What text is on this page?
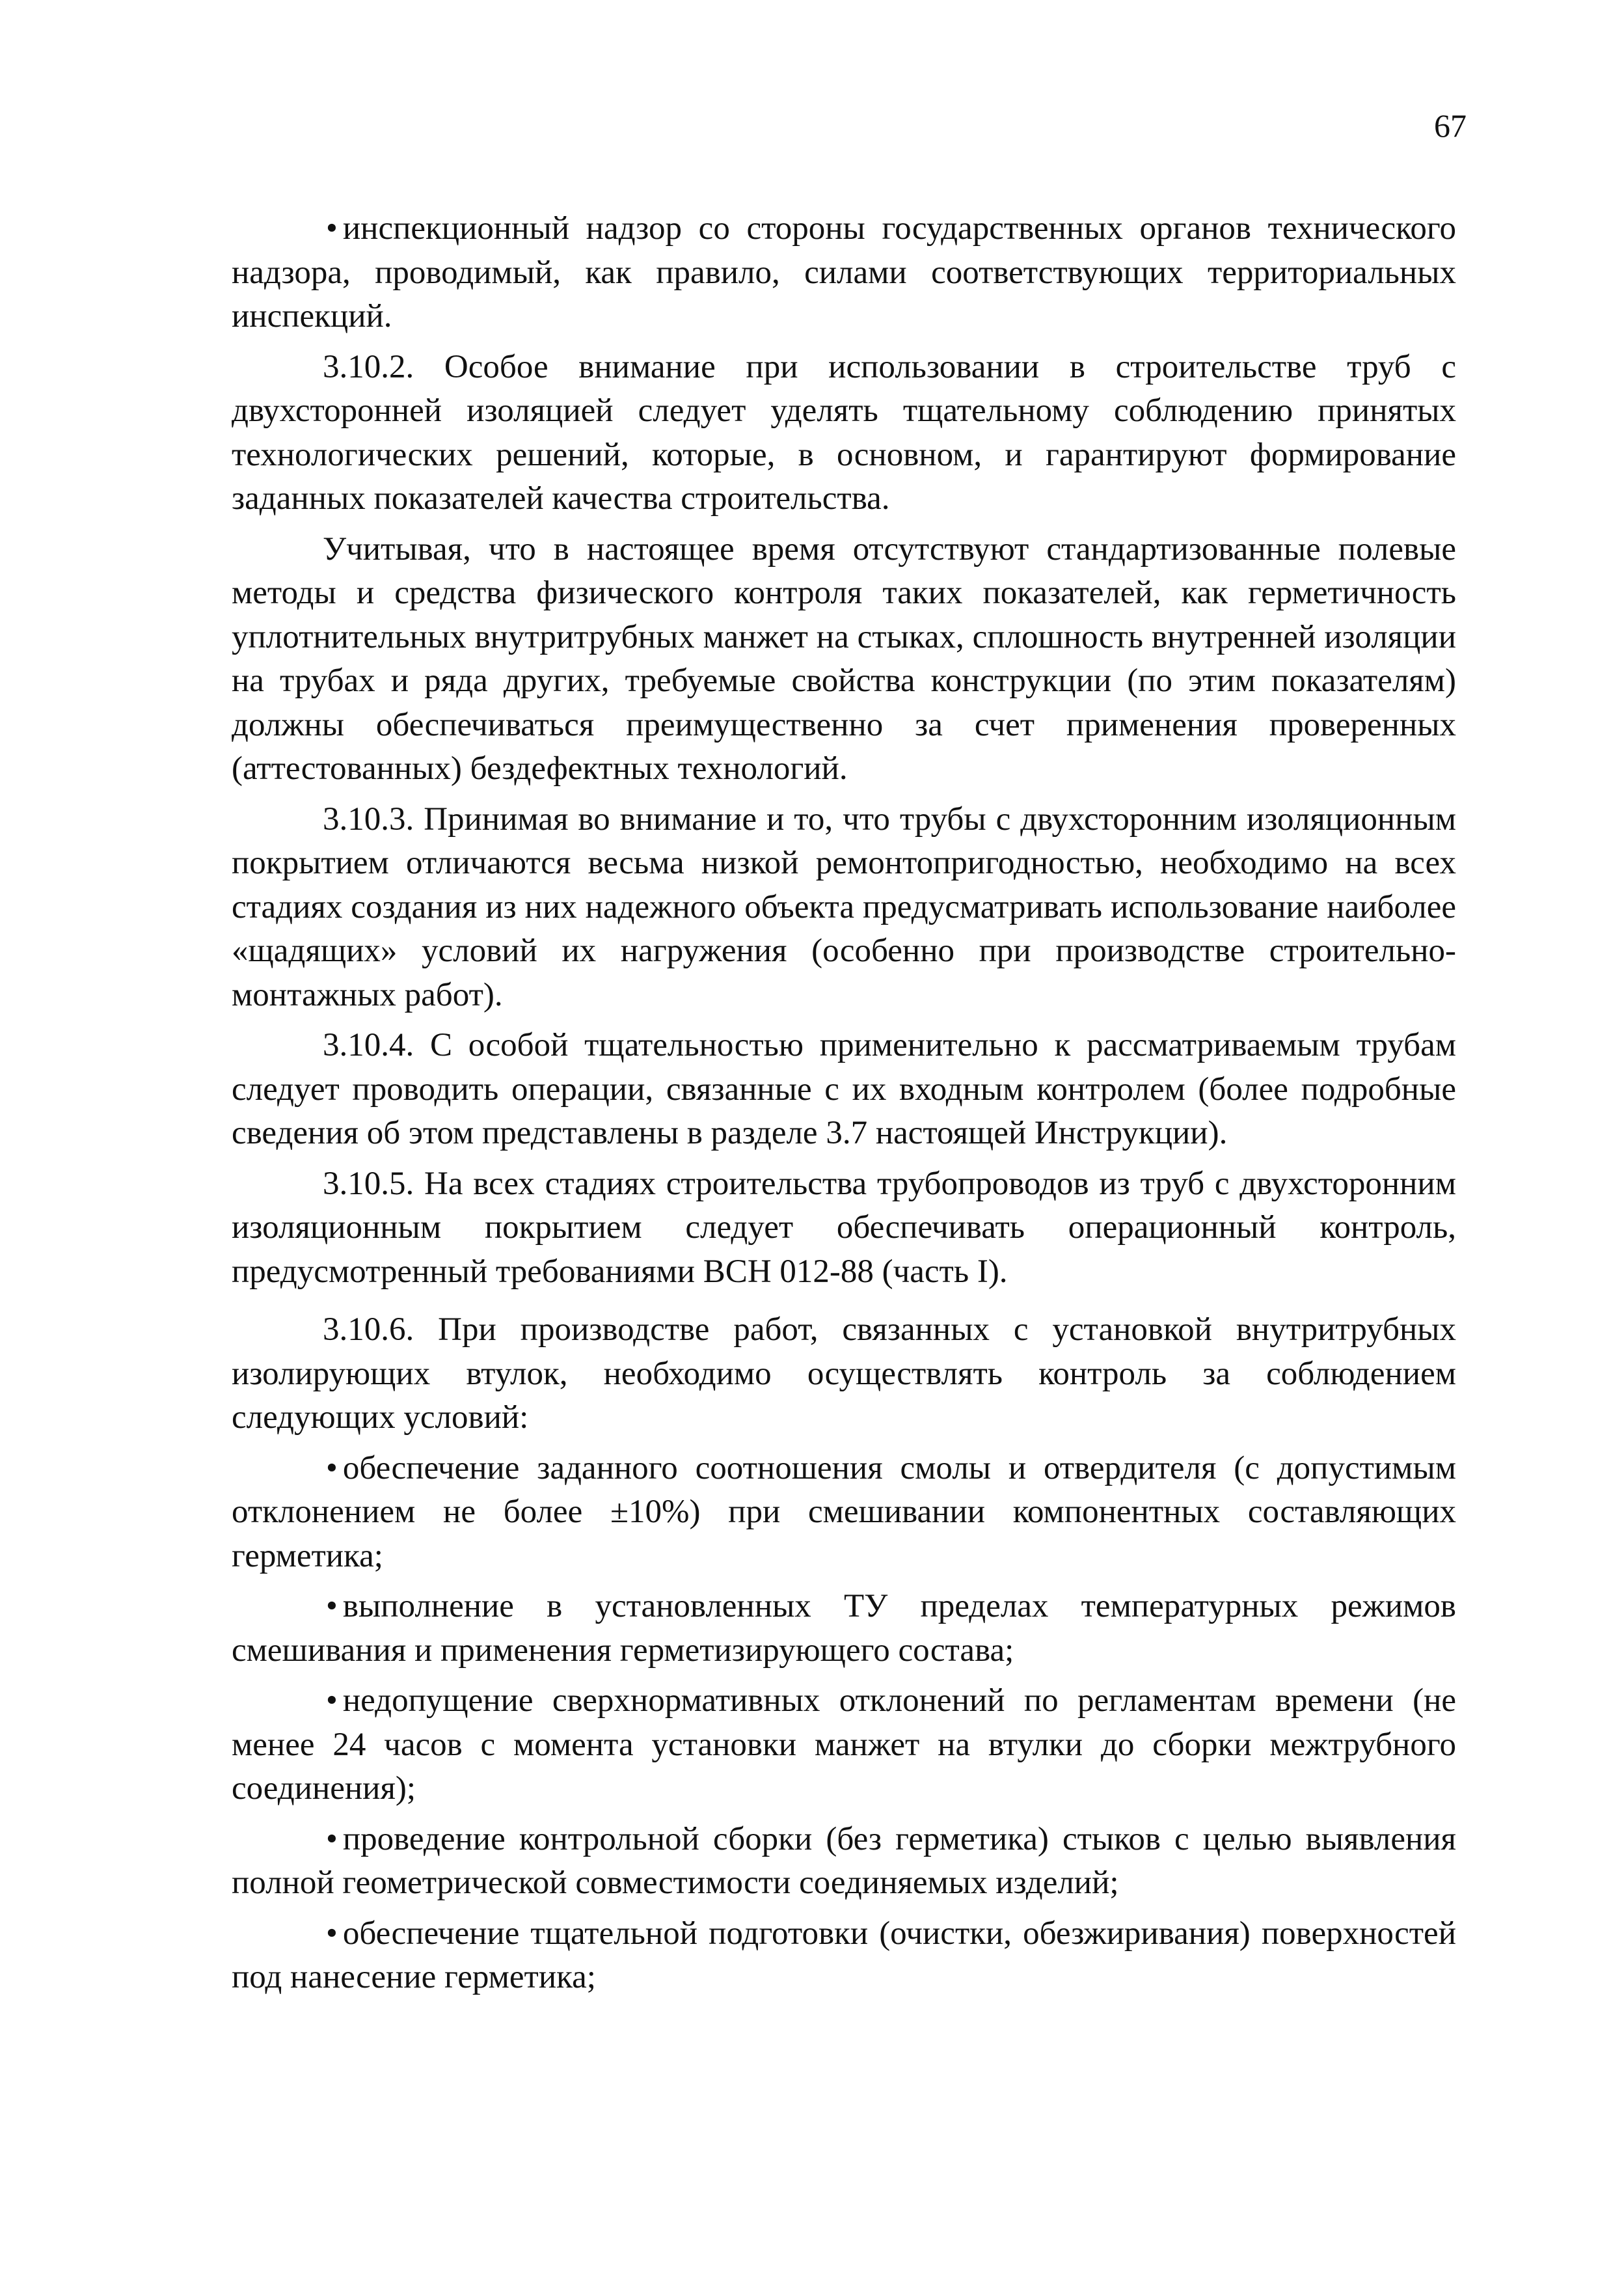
67

• инспекционный надзор со стороны государственных органов технического надзора, проводимый, как правило, силами соответствующих территориальных инспекций.

3.10.2. Особое внимание при использовании в строительстве труб с двухсторонней изоляцией следует уделять тщательному соблюдению принятых технологических решений, которые, в основном, и гарантируют формирование заданных показателей качества строительства.

Учитывая, что в настоящее время отсутствуют стандартизованные полевые методы и средства физического контроля таких показателей, как герметичность уплотнительных внутритрубных манжет на стыках, сплошность внутренней изоляции на трубах и ряда других, требуемые свойства конструкции (по этим показателям) должны обеспечиваться преимущественно за счет применения проверенных (аттестованных) бездефектных технологий.

3.10.3. Принимая во внимание и то, что трубы с двухсторонним изоляционным покрытием отличаются весьма низкой ремонтопригодностью, необходимо на всех стадиях создания из них надежного объекта предусматривать использование наиболее «щадящих» условий их нагружения (особенно при производстве строительно-монтажных работ).

3.10.4. С особой тщательностью применительно к рассматриваемым трубам следует проводить операции, связанные с их входным контролем (более подробные сведения об этом представлены в разделе 3.7 настоящей Инструкции).

3.10.5. На всех стадиях строительства трубопроводов из труб с двухсторонним изоляционным покрытием следует обеспечивать операционный контроль, предусмотренный требованиями ВСН 012-88 (часть I).

3.10.6. При производстве работ, связанных с установкой внутритрубных изолирующих втулок, необходимо осуществлять контроль за соблюдением следующих условий:

• обеспечение заданного соотношения смолы и отвердителя (с допустимым отклонением не более ±10%) при смешивании компонентных составляющих герметика;

• выполнение в установленных ТУ пределах температурных режимов смешивания и применения герметизирующего состава;

• недопущение сверхнормативных отклонений по регламентам времени (не менее 24 часов с момента установки манжет на втулки до сборки межтрубного соединения);

• проведение контрольной сборки (без герметика) стыков с целью выявления полной геометрической совместимости соединяемых изделий;

• обеспечение тщательной подготовки (очистки, обезжиривания) поверхностей под нанесение герметика;
